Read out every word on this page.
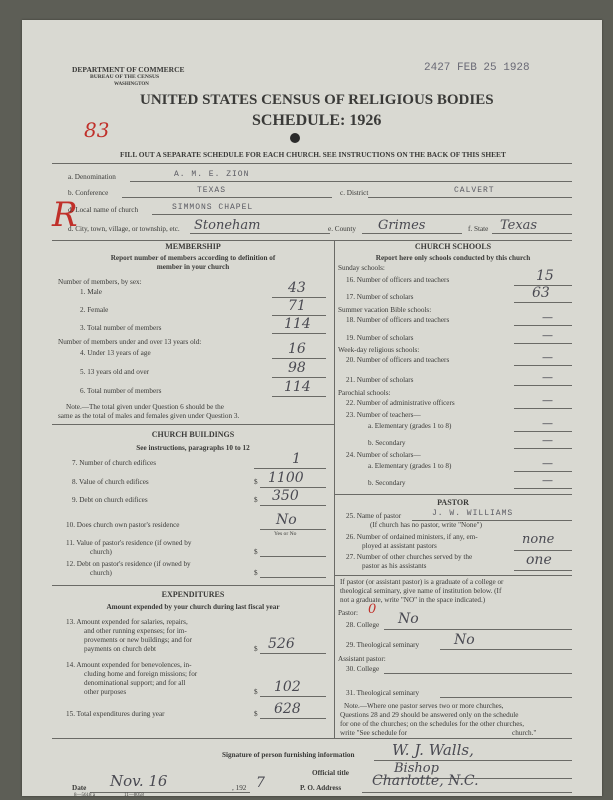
DEPARTMENT OF COMMERCE
BUREAU OF THE CENSUS
WASHINGTON
2427 FEB 25 1928
UNITED STATES CENSUS OF RELIGIOUS BODIES
SCHEDULE: 1926
83
FILL OUT A SEPARATE SCHEDULE FOR EACH CHURCH. SEE INSTRUCTIONS ON THE BACK OF THIS SHEET
R
a. Denomination	A. M. E. ZION
b. Conference	TEXAS	c. District	CALVERT
d. Local name of church	SIMMONS CHAPEL
d. City, town, village, or township, etc. Stoneham	e. County Grimes	f. State Texas
MEMBERSHIP
Report number of members according to definition of
member in your church
Number of members, by sex:
1. Male	43
2. Female	71
3. Total number of members	114
Number of members under and over 13 years old:
4. Under 13 years of age	16
5. 13 years old and over	98
6. Total number of members	114
Note.—The total given under Question 6 should be the
same as the total of males and females given under Question 3.
CHURCH BUILDINGS
See instructions, paragraphs 10 to 12
7. Number of church edifices	1
8. Value of church edifices	$ 1100
9. Debt on church edifices	$ 350
10. Does church own pastor's residence	No
Yes or No
11. Value of pastor's residence (if owned by
church)	$
12. Debt on pastor's residence (if owned by
church)	$
EXPENDITURES
Amount expended by your church during last fiscal year
13. Amount expended for salaries, repairs,
and other running expenses; for im-
provements or new buildings; and for
payments on church debt	$ 526
14. Amount expended for benevolences, in-
cluding home and foreign missions; for
denominational support; and for all
other purposes	$ 102
15. Total expenditures during year	$ 628
CHURCH SCHOOLS
Report here only schools conducted by this church
Sunday schools:
16. Number of officers and teachers	15
17. Number of scholars	63
Summer vacation Bible schools:
18. Number of officers and teachers	—
19. Number of scholars	—
Week-day religious schools:
20. Number of officers and teachers	—
21. Number of scholars	—
Parochial schools:
22. Number of administrative officers	—
23. Number of teachers—
a. Elementary (grades 1 to 8)	—
b. Secondary	—
24. Number of scholars—
a. Elementary (grades 1 to 8)	—
b. Secondary	—
PASTOR
25. Name of pastor	J. W. WILLIAMS
(If church has no pastor, write "None")
26. Number of ordained ministers, if any, em-
ployed at assistant pastors	none
27. Number of other churches served by the
pastor as his assistants	one
If pastor (or assistant pastor) is a graduate of a college or
theological seminary, give name of institution below. (If
not a graduate, write "NO" in the space indicated.)
Pastor: 0
28. College No
29. Theological seminary No
Assistant pastor:
30. College
31. Theological seminary
Note.—Where one pastor serves two or more churches,
Questions 28 and 29 should be answered only on the schedule
for one of the churches; on the schedules for the other churches,
write "See schedule for	church."
Signature of person furnishing information	W. J. Walls,
Official title	Bishop
Date Nov. 16	, 192 7	P. O. Address Charlotte, N.C.
8—5618 a	11—8058
